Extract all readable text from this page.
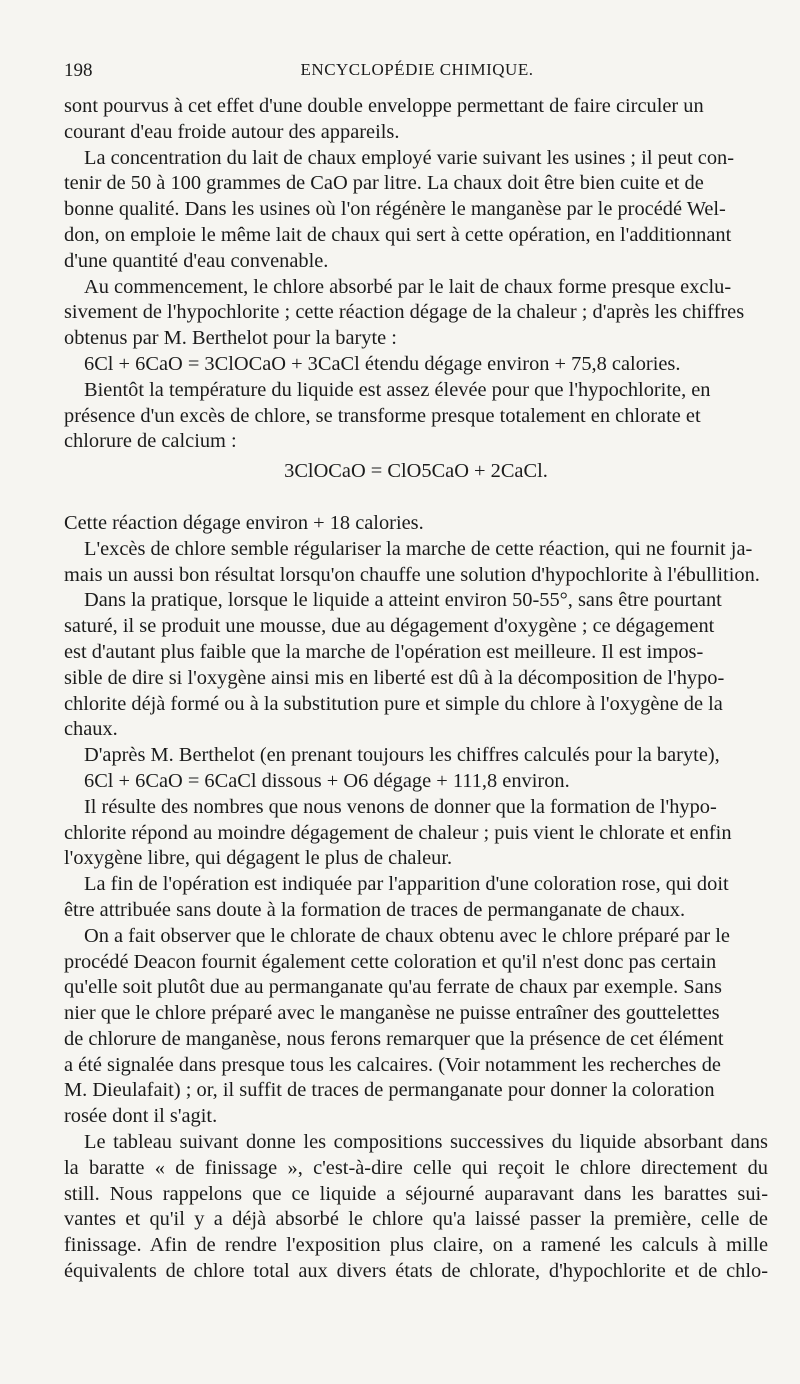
198	ENCYCLOPÉDIE CHIMIQUE.

sont pourvus à cet effet d'une double enveloppe permettant de faire circuler un
courant d'eau froide autour des appareils.

La concentration du lait de chaux employé varie suivant les usines ; il peut con-
tenir de 50 à 100 grammes de CaO par litre. La chaux doit être bien cuite et de
bonne qualité. Dans les usines où l'on régénère le manganèse par le procédé Wel-
don, on emploie le même lait de chaux qui sert à cette opération, en l'additionnant
d'une quantité d'eau convenable.

Au commencement, le chlore absorbé par le lait de chaux forme presque exclu-
sivement de l'hypochlorite ; cette réaction dégage de la chaleur ; d'après les chiffres
obtenus par M. Berthelot pour la baryte :

6Cl + 6CaO = 3ClOCaO + 3CaCl étendu dégage environ + 75,8 calories.

Bientôt la température du liquide est assez élevée pour que l'hypochlorite, en
présence d'un excès de chlore, se transforme presque totalement en chlorate et
chlorure de calcium :

3ClOCaO = ClO5CaO + 2CaCl.

Cette réaction dégage environ + 18 calories.

L'excès de chlore semble régulariser la marche de cette réaction, qui ne fournit ja-
mais un aussi bon résultat lorsqu'on chauffe une solution d'hypochlorite à l'ébullition.

Dans la pratique, lorsque le liquide a atteint environ 50-55°, sans être pourtant
saturé, il se produit une mousse, due au dégagement d'oxygène ; ce dégagement
est d'autant plus faible que la marche de l'opération est meilleure. Il est impos-
sible de dire si l'oxygène ainsi mis en liberté est dû à la décomposition de l'hypo-
chlorite déjà formé ou à la substitution pure et simple du chlore à l'oxygène de la
chaux.

D'après M. Berthelot (en prenant toujours les chiffres calculés pour la baryte),

6Cl + 6CaO = 6CaCl dissous + O6 dégage + 111,8 environ.

Il résulte des nombres que nous venons de donner que la formation de l'hypo-
chlorite répond au moindre dégagement de chaleur ; puis vient le chlorate et enfin
l'oxygène libre, qui dégagent le plus de chaleur.

La fin de l'opération est indiquée par l'apparition d'une coloration rose, qui doit
être attribuée sans doute à la formation de traces de permanganate de chaux.

On a fait observer que le chlorate de chaux obtenu avec le chlore préparé par le
procédé Deacon fournit également cette coloration et qu'il n'est donc pas certain
qu'elle soit plutôt due au permanganate qu'au ferrate de chaux par exemple. Sans
nier que le chlore préparé avec le manganèse ne puisse entraîner des gouttelettes
de chlorure de manganèse, nous ferons remarquer que la présence de cet élément
a été signalée dans presque tous les calcaires. (Voir notamment les recherches de
M. Dieulafait) ; or, il suffit de traces de permanganate pour donner la coloration
rosée dont il s'agit.

Le tableau suivant donne les compositions successives du liquide absorbant dans
la baratte « de finissage », c'est-à-dire celle qui reçoit le chlore directement du
still. Nous rappelons que ce liquide a séjourné auparavant dans les barattes sui-
vantes et qu'il y a déjà absorbé le chlore qu'a laissé passer la première, celle de
finissage. Afin de rendre l'exposition plus claire, on a ramené les calculs à mille
équivalents de chlore total aux divers états de chlorate, d'hypochlorite et de chlo-
